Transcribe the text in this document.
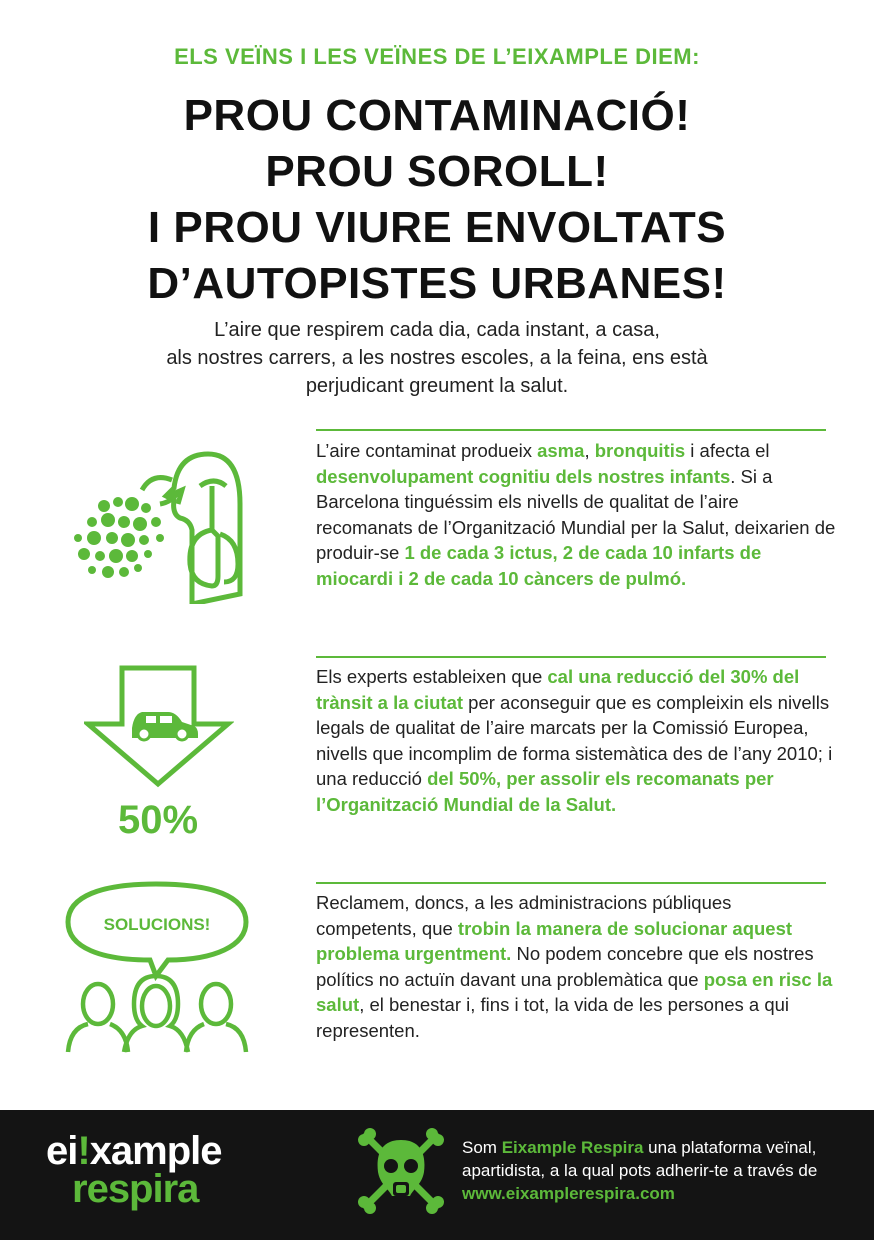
ELS VEÏNS I LES VEÏNES DE L’EIXAMPLE DIEM:
PROU CONTAMINACIÓ!
PROU SOROLL!
I PROU VIURE ENVOLTATS
D’AUTOPISTES URBANES!
L’aire que respirem cada dia, cada instant, a casa,
als nostres carrers, a les nostres escoles, a la feina, ens està
perjudicant greument la salut.
L’aire contaminat produeix asma, bronquitis i afecta el desenvolupament cognitiu dels nostres infants. Si a Barcelona tinguéssim els nivells de qualitat de l’aire recomanats de l’Organització Mundial per la Salut, deixarien de produir-se 1 de cada 3 ictus, 2 de cada 10 infarts de miocardi i 2 de cada 10 càncers de pulmó.
50%
Els experts estableixen que cal una reducció del 30% del trànsit a la ciutat per aconseguir que es compleixin els nivells legals de qualitat de l’aire marcats per la Comissió Europea, nivells que incomplim de forma sistemàtica des de l’any 2010; i una reducció del 50%, per assolir els recomanats per l’Organització Mundial de la Salut.
SOLUCIONS!
Reclamem, doncs, a les administracions públiques competents, que trobin la manera de solucionar aquest problema urgentment. No podem concebre que els nostres polítics no actuïn davant una problemàtica que posa en risc la salut, el benestar i, fins i tot, la vida de les persones a qui representen.
ei!xample
respira
Som Eixample Respira una plataforma veïnal, apartidista, a la qual pots adherir-te a través de www.eixamplerespira.com
